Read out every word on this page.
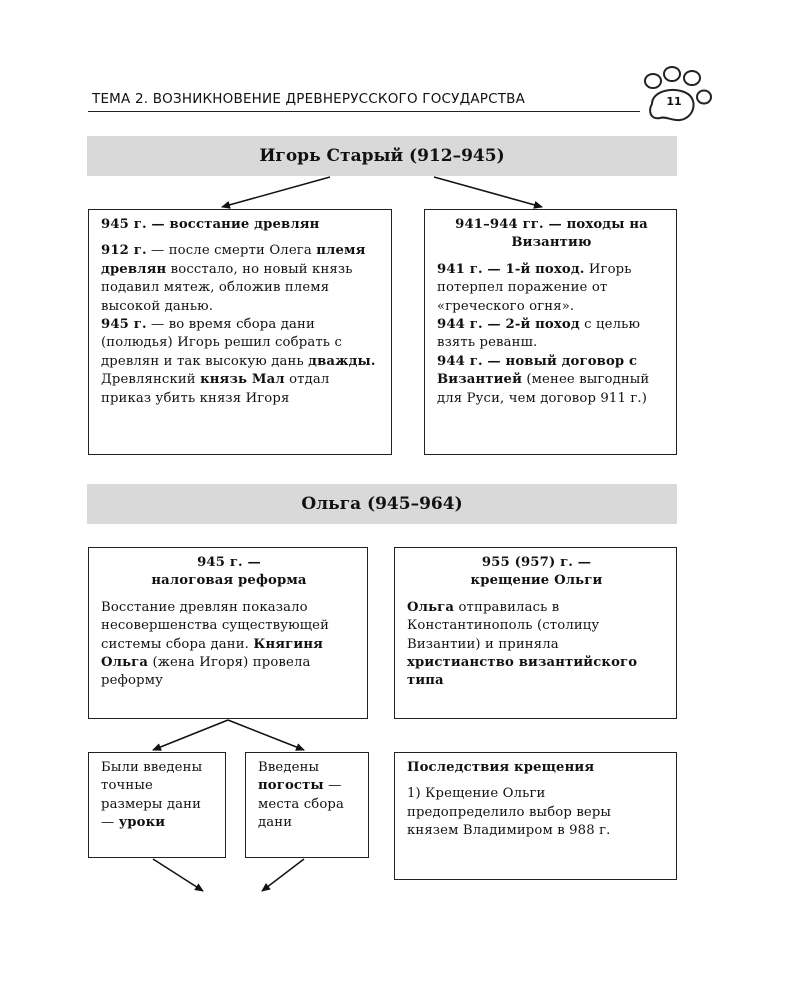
ТЕМА 2. ВОЗНИКНОВЕНИЕ ДРЕВНЕРУССКОГО ГОСУДАРСТВА	11
Игорь Старый (912–945)

945 г. — восстание древлян

912 г. — после смерти Олега племя древлян восстало, но новый князь подавил мятеж, обложив племя высокой данью.

945 г. — во время сбора дани (полюдья) Игорь решил собрать с древлян и так высокую дань дважды. Древлянский князь Мал отдал приказ убить князя Игоря

941–944 гг. — походы на Византию

941 г. — 1-й поход. Игорь потерпел поражение от «греческого огня».

944 г. — 2-й поход с целью взять реванш.

944 г. — новый договор с Византией (менее выгодный для Руси, чем договор 911 г.)

Ольга (945–964)

945 г. —

налоговая реформа

Восстание древлян показало несовершенства существующей системы сбора дани. Княгиня Ольга (жена Игоря) провела реформу

955 (957) г. —

крещение Ольги

Ольга отправилась в Константинополь (столицу Византии) и приняла христианство византийского типа

Были введены точные размеры дани — уроки

Введены погосты — места сбора дани

Последствия крещения

1) Крещение Ольги предопределило выбор веры князем Владимиром в 988 г.
